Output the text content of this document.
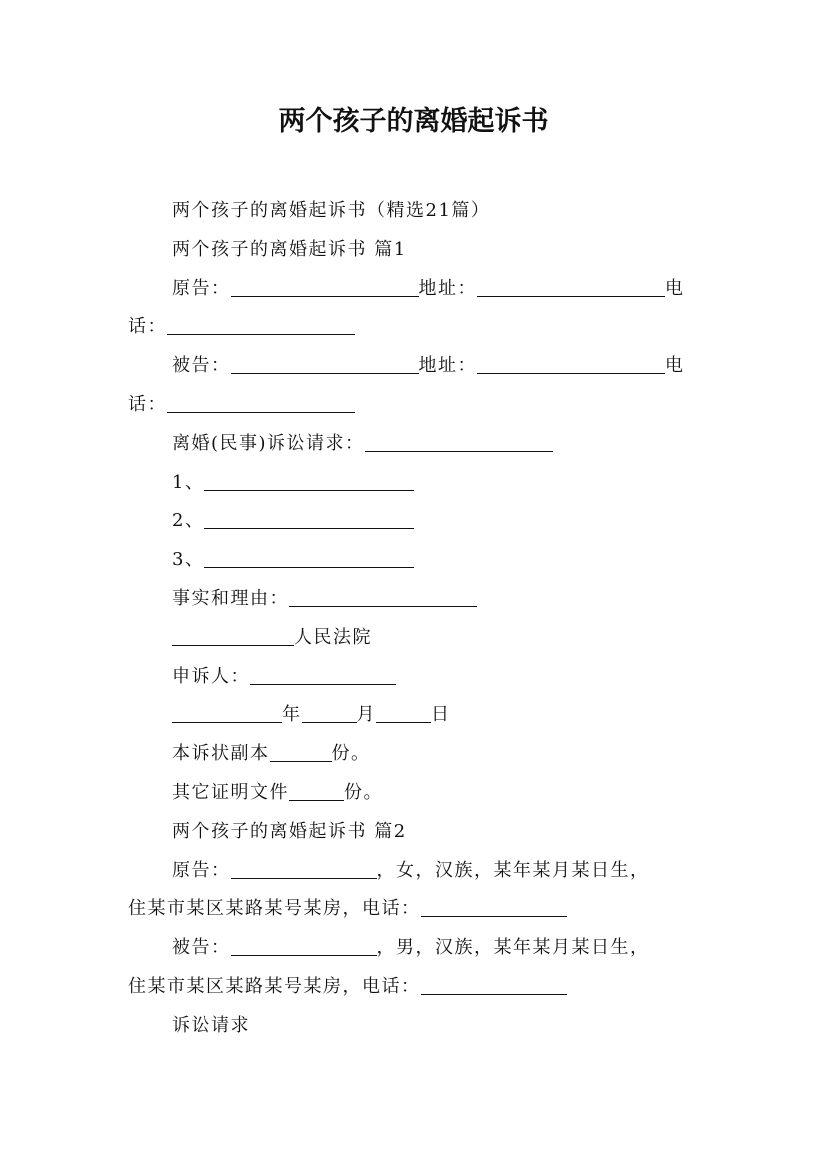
两个孩子的离婚起诉书
两个孩子的离婚起诉书（精选21篇）
两个孩子的离婚起诉书 篇1
原告：	地址：	电
话：
被告：	地址：	电
话：
离婚(民事)诉讼请求：
1、
2、
3、
事实和理由：
人民法院
申诉人：
年	月	日
本诉状副本	份。
其它证明文件	份。
两个孩子的离婚起诉书 篇2
原告：	，女，汉族，某年某月某日生，
住某市某区某路某号某房，电话：
被告：	，男，汉族，某年某月某日生，
住某市某区某路某号某房，电话：
诉讼请求
